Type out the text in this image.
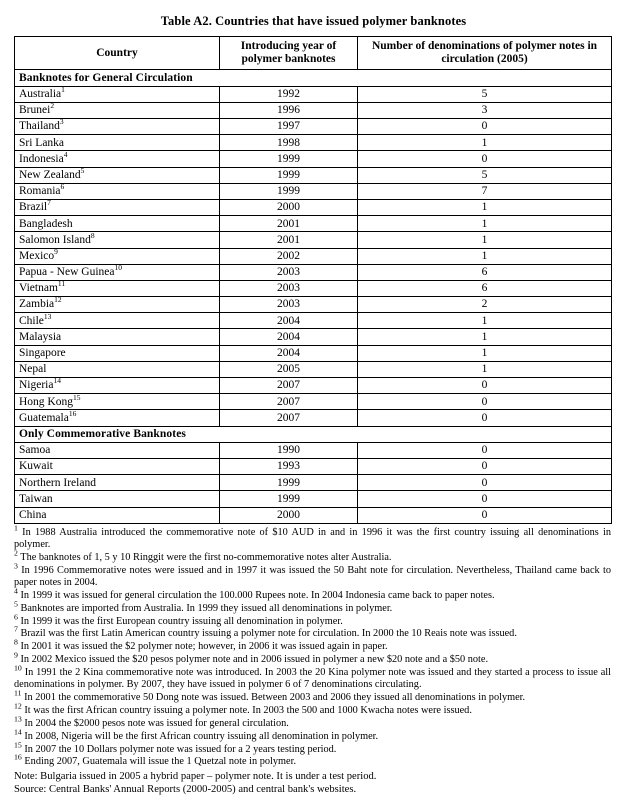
Table A2. Countries that have issued polymer banknotes
Country	Introducing year of polymer banknotes	Number of denominations of polymer notes in circulation (2005)
Banknotes for General Circulation		
Australia$^1$	1992	5
Brunei$^2$	1996	3
Thailand$^3$	1997	0
Sri Lanka	1998	1
Indonesia$^4$	1999	0
New Zealand$^5$	1999	5
Romania$^6$	1999	7
Brazil$^7$	2000	1
Bangladesh	2001	1
Salomon Island$^8$	2001	1
Mexico$^9$	2002	1
Papua - New Guinea$^{10}$	2003	6
Vietnam$^{11}$	2003	6
Zambia$^{12}$	2003	2
Chile$^{13}$	2004	1
Malaysia	2004	1
Singapore	2004	1
Nepal	2005	1
Nigeria$^{14}$	2007	0
Hong Kong$^{15}$	2007	0
Guatemala$^{16}$	2007	0
Only Commemorative Banknotes		
Samoa	1990	0
Kuwait	1993	0
Northern Ireland	1999	0
Taiwan	1999	0
China	2000	0

$^1$ In 1988 Australia introduced the commemorative note of $10 AUD in and in 1996 it was the first country issuing all denominations in polymer.

$^2$ The banknotes of 1, 5 y 10 Ringgit were the first no-commemorative notes alter Australia.

$^3$ In 1996 Commemorative notes were issued and in 1997 it was issued the 50 Baht note for circulation. Nevertheless, Thailand came back to paper notes in 2004.

$^4$ In 1999 it was issued for general circulation the 100.000 Rupees note. In 2004 Indonesia came back to paper notes.

$^5$ Banknotes are imported from Australia. In 1999 they issued all denominations in polymer.

$^6$ In 1999 it was the first European country issuing all denomination in polymer.

$^7$ Brazil was the first Latin American country issuing a polymer note for circulation. In 2000 the 10 Reais note was issued.

$^8$ In 2001 it was issued the $2 polymer note; however, in 2006 it was issued again in paper.

$^9$ In 2002 Mexico issued the $20 pesos polymer note and in 2006 issued in polymer a new $20 note and a $50 note.

$^{10}$ In 1991 the 2 Kina commemorative note was introduced. In 2003 the 20 Kina polymer note was issued and they started a process to issue all denominations in polymer. By 2007, they have issued in polymer 6 of 7 denominations circulating.

$^{11}$ In 2001 the commemorative 50 Dong note was issued. Between 2003 and 2006 they issued all denominations in polymer.

$^{12}$ It was the first African country issuing a polymer note. In 2003 the 500 and 1000 Kwacha notes were issued.

$^{13}$ In 2004 the $2000 pesos note was issued for general circulation.

$^{14}$ In 2008, Nigeria will be the first African country issuing all denomination in polymer.

$^{15}$ In 2007 the 10 Dollars polymer note was issued for a 2 years testing period.

$^{16}$ Ending 2007, Guatemala will issue the 1 Quetzal note in polymer.

Note: Bulgaria issued in 2005 a hybrid paper – polymer note. It is under a test period.
Source: Central Banks' Annual Reports (2000-2005) and central bank's websites.
